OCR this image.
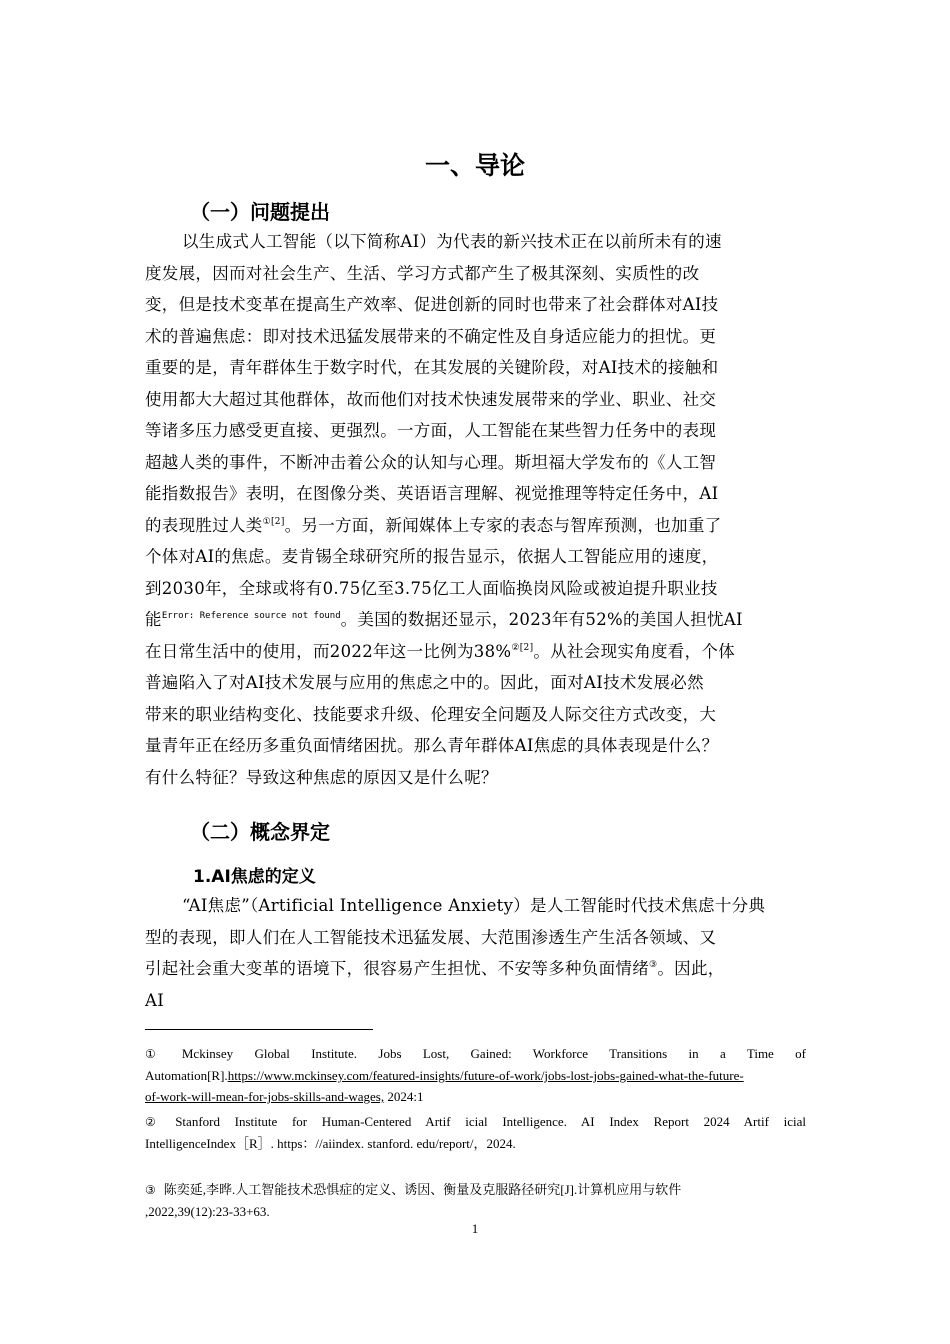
一、导论
（一）问题提出
以生成式人工智能（以下简称AI）为代表的新兴技术正在以前所未有的速
度发展，因而对社会生产、生活、学习方式都产生了极其深刻、实质性的改
变，但是技术变革在提高生产效率、促进创新的同时也带来了社会群体对AI技
术的普遍焦虑：即对技术迅猛发展带来的不确定性及自身适应能力的担忧。更
重要的是，青年群体生于数字时代，在其发展的关键阶段，对AI技术的接触和
使用都大大超过其他群体，故而他们对技术快速发展带来的学业、职业、社交
等诸多压力感受更直接、更强烈。一方面，人工智能在某些智力任务中的表现
超越人类的事件，不断冲击着公众的认知与心理。斯坦福大学发布的《人工智
能指数报告》表明，在图像分类、英语语言理解、视觉推理等特定任务中，AI
的表现胜过人类$^{①[2]}$。另一方面，新闻媒体上专家的表态与智库预测，也加重了
个体对AI的焦虑。麦肯锡全球研究所的报告显示，依据人工智能应用的速度，
到2030年，全球或将有0.75亿至3.75亿工人面临换岗风险或被迫提升职业技
能$^{Error: Reference source not found}$。美国的数据还显示，2023年有52%的美国人担忧AI
在日常生活中的使用，而2022年这一比例为38%$^{②[2]}$。从社会现实角度看，个体
普遍陷入了对AI技术发展与应用的焦虑之中的。因此，面对AI技术发展必然
带来的职业结构变化、技能要求升级、伦理安全问题及人际交往方式改变，大
量青年正在经历多重负面情绪困扰。那么青年群体AI焦虑的具体表现是什么？
有什么特征？导致这种焦虑的原因又是什么呢？
（二）概念界定
1.AI焦虑的定义
“AI焦虑”（Artificial Intelligence Anxiety）是人工智能时代技术焦虑十分典
型的表现，即人们在人工智能技术迅猛发展、大范围渗透生产生活各领域、又
引起社会重大变革的语境下，很容易产生担忧、不安等多种负面情绪③。因此，
AI
① Mckinsey Global Institute. Jobs Lost, Gained: Workforce Transitions in a Time of
Automation[R].https://www.mckinsey.com/featured-insights/future-of-work/jobs-lost-jobs-gained-what-the-future-
of-work-will-mean-for-jobs-skills-and-wages, 2024:1
② Stanford Institute for Human-Centered Artif icial Intelligence. AI Index Report 2024 Artif icial
IntelligenceIndex［R］. https：//aiindex. stanford. edu/report/，2024.
③ 陈奕延,李晔.人工智能技术恐惧症的定义、诱因、衡量及克服路径研究[J].计算机应用与软件
,2022,39(12):23-33+63.
1
